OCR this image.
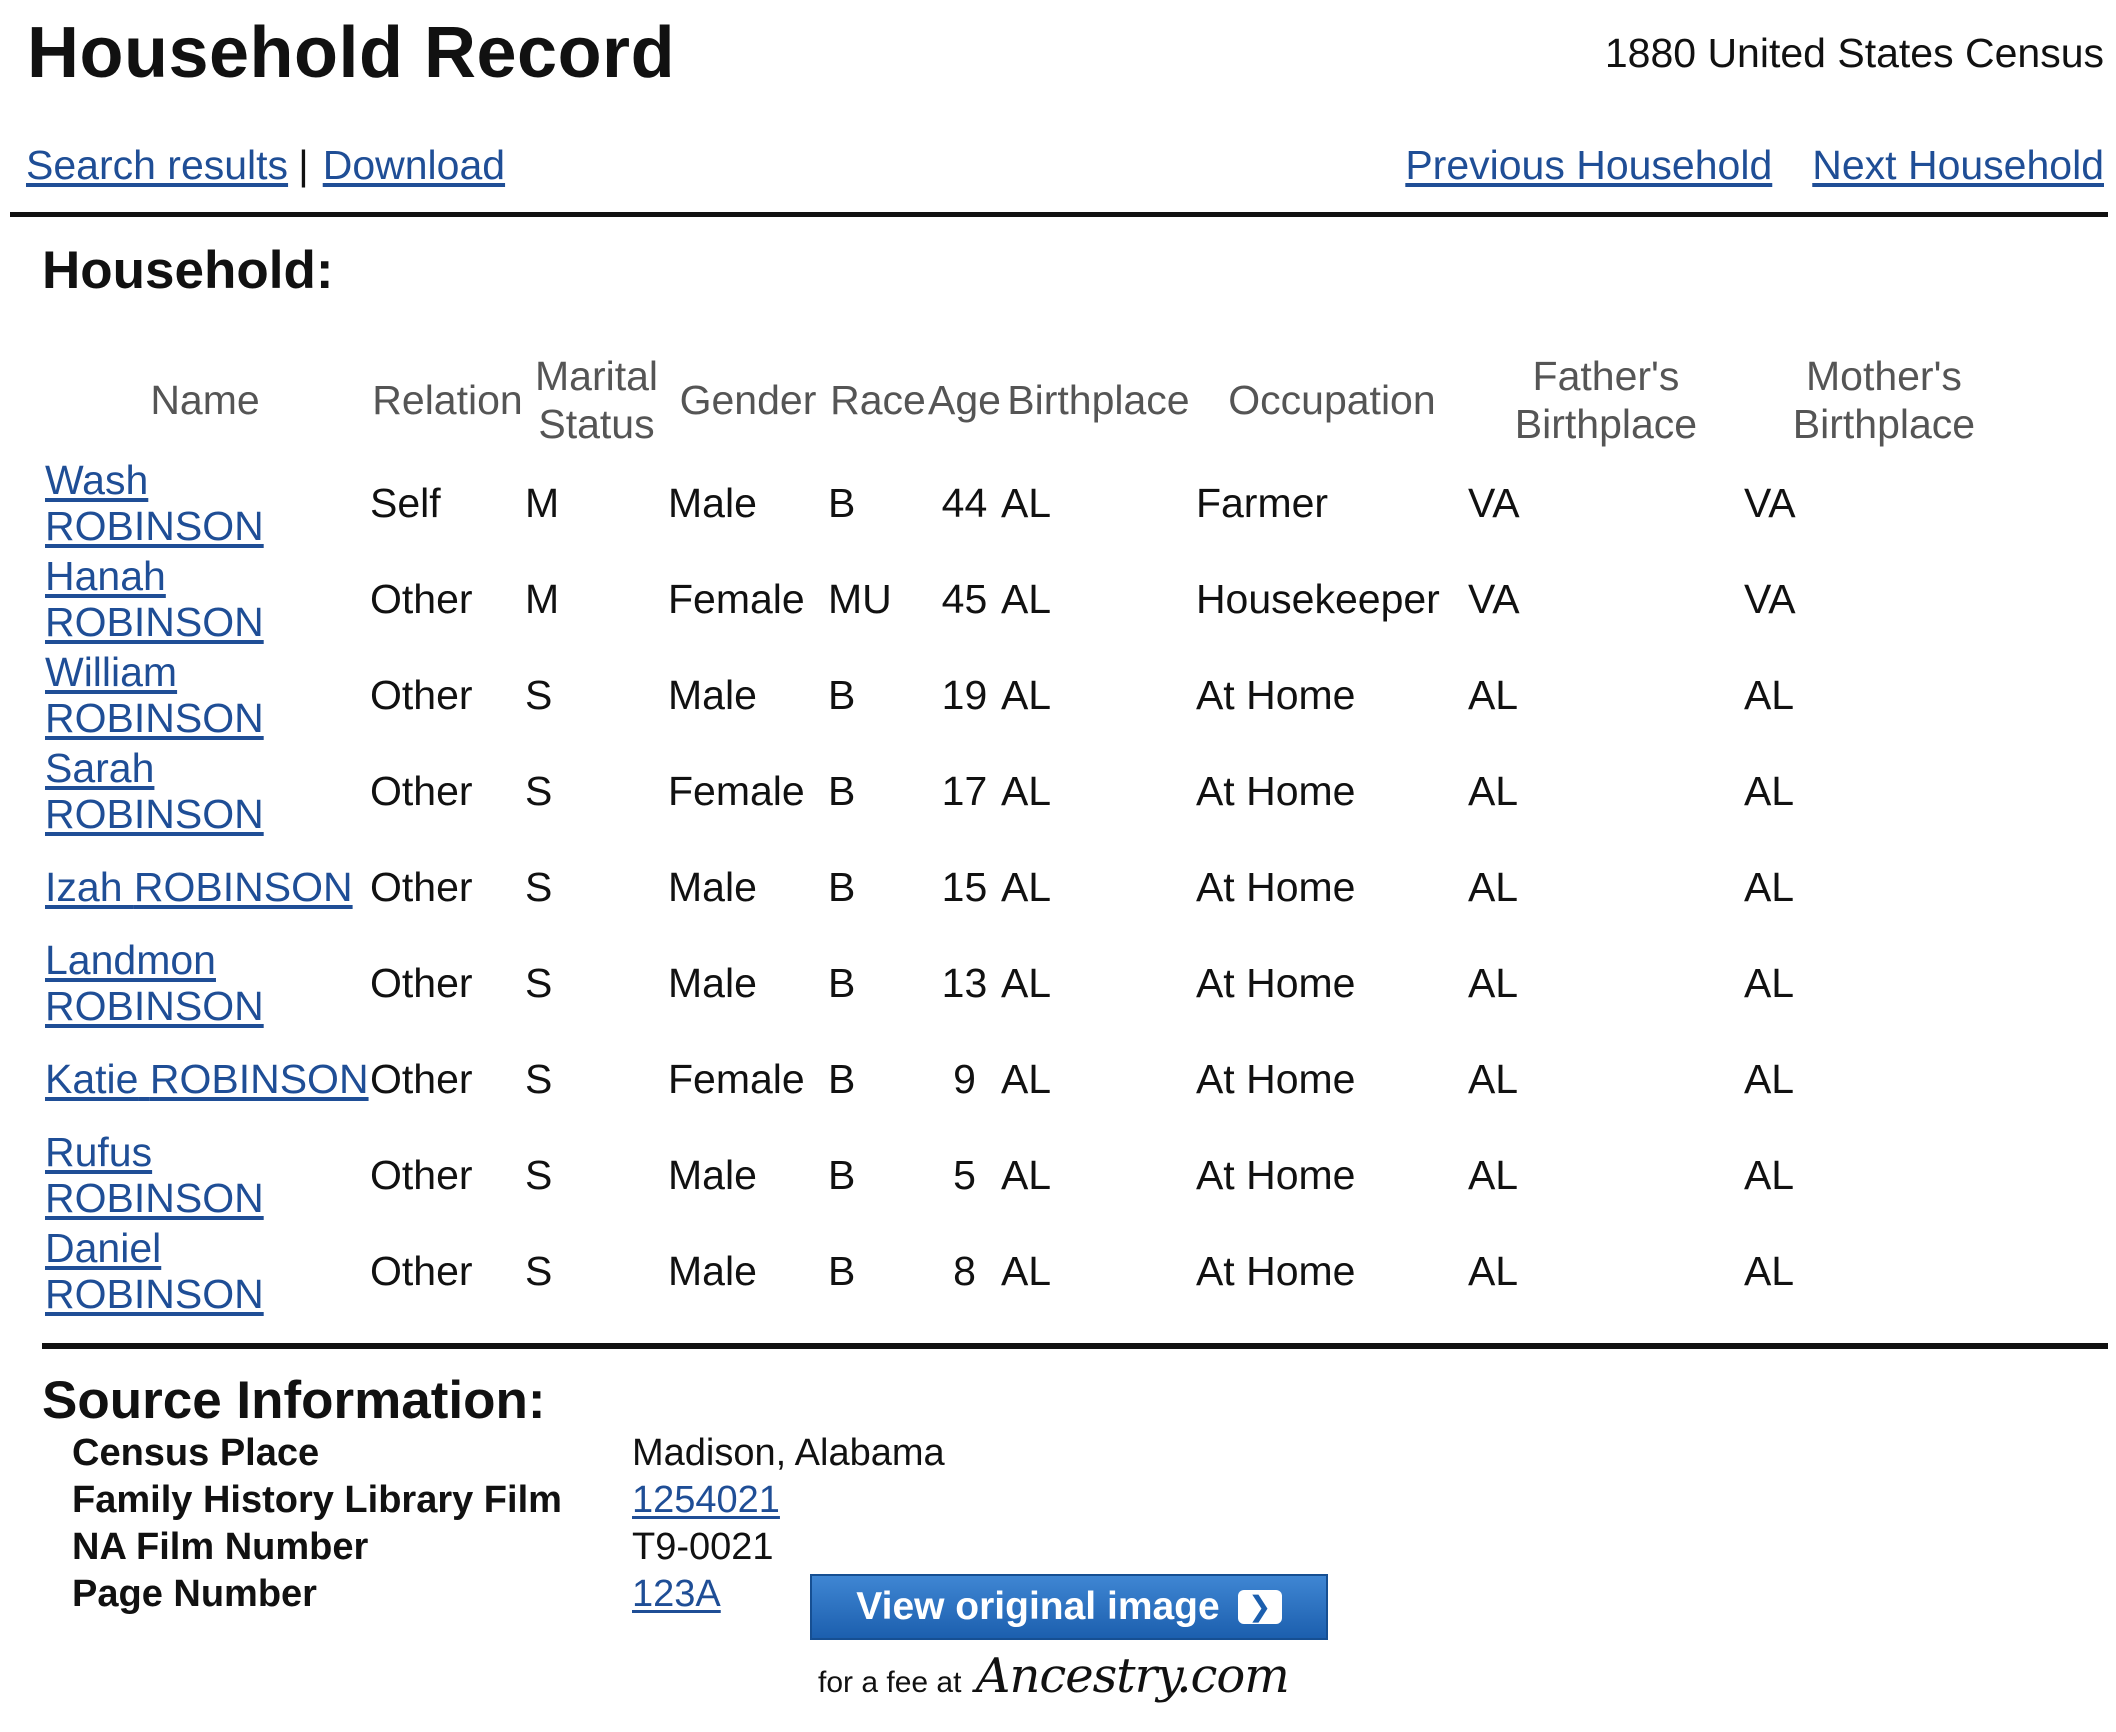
Household Record	1880 United States Census
Search results | Download	Previous Household Next Household
Household:
Name	Relation	Marital Status	Gender	Race	Age	Birthplace	Occupation	Father's Birthplace	Mother's Birthplace
Wash ROBINSON	Self	M	Male	B	44	AL	Farmer	VA	VA
Hanah ROBINSON	Other	M	Female	MU	45	AL	Housekeeper	VA	VA
William ROBINSON	Other	S	Male	B	19	AL	At Home	AL	AL
Sarah ROBINSON	Other	S	Female	B	17	AL	At Home	AL	AL
Izah ROBINSON	Other	S	Male	B	15	AL	At Home	AL	AL
Landmon ROBINSON	Other	S	Male	B	13	AL	At Home	AL	AL
Katie ROBINSON	Other	S	Female	B	9	AL	At Home	AL	AL
Rufus ROBINSON	Other	S	Male	B	5	AL	At Home	AL	AL
Daniel ROBINSON	Other	S	Male	B	8	AL	At Home	AL	AL
Source Information:
Census Place	Madison, Alabama
Family History Library Film	1254021
NA Film Number	T9-0021
Page Number	123A	View original image	❯
for a fee at Ancestry.com
